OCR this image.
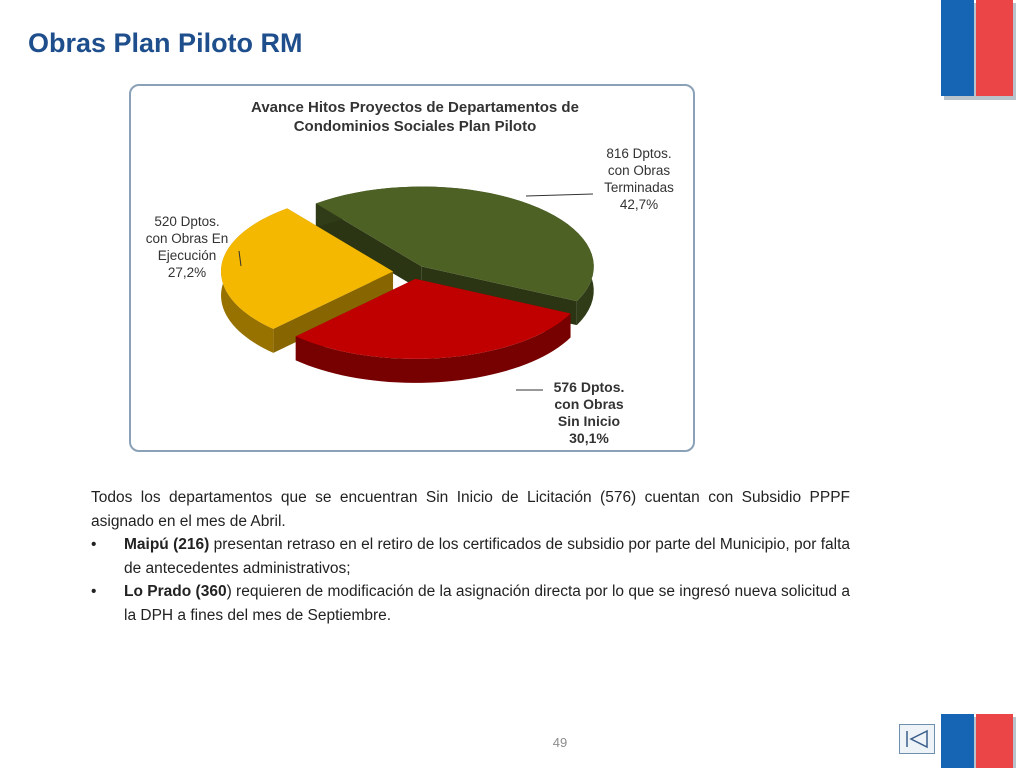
Obras Plan Piloto RM
Avance Hitos Proyectos de Departamentos de
Condominios Sociales Plan Piloto
816 Dptos.
con Obras
Terminadas
42,7%
576 Dptos.
con Obras
Sin Inicio
30,1%
520 Dptos.
con Obras En
Ejecución
27,2%

Todos los departamentos que se encuentran Sin Inicio de Licitación (576) cuentan con Subsidio PPPF asignado en el mes de Abril.

• Maipú (216) presentan retraso en el retiro de los certificados de subsidio por parte del Municipio, por falta de antecedentes administrativos;
• Lo Prado (360) requieren de modificación de la asignación directa por lo que se ingresó nueva solicitud a la DPH a fines del mes de Septiembre.
49
